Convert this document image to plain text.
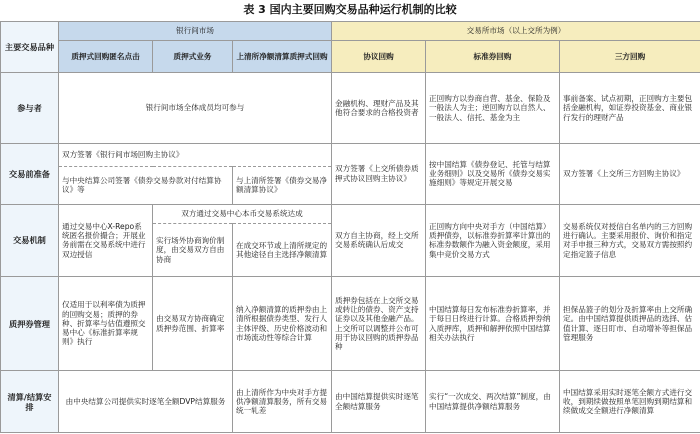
表 3 国内主要回购交易品种运行机制的比较
主要交易品种	银行间市场			交易所市场（以上交所为例）		
	质押式回购匿名点击	质押式业务	上清所净额清算质押式回购	协议回购	标准券回购	三方回购
参与者	银行间市场全体成员均可参与			金融机构、理财产品及其他符合要求的合格投资者	正回购方以券商自营、基金、保险及一般法人为主；逆回购方以自然人、一般法人、信托、基金为主	事前备案、试点初期，正回购方主要包括金融机构，如证券投资基金、商业银行发行的理财产品
交易前准备	双方签署《银行间市场回购主协议》			双方签署《上交所债券质押式协议回购主协议》	按中国结算《债券登记、托管与结算业务细则》以及交易所《债券交易实施细则》等规定开展交易	双方签署《上交所三方回购主协议》
	与中央结算公司签署《债券交易券款对付结算协议》等		与上清所签署《债券交易净额清算协议》			
交易机制	通过交易中心X-Repo系统匿名报价撮合；开展业务前需在交易系统中进行双边授信	双方通过交易中心本币交易系统达成		双方自主协商，经上交所交易系统确认后成交	正回购方向中央对手方（中国结算）质押债券，以标准券折算率计算出的标准券数额作为融入资金额度，采用集中竞价交易方式	交易系统仅对授信白名单内的三方回购进行确认。主要采用报价、询价和指定对手申报三种方式，交易双方需按照约定指定篮子信息
		实行场外协商询价制度，由交易双方自由协商	在成交环节或上清所规定的其他途径自主选择净额清算			
质押券管理	仅适用于以利率债为质押的回购交易；质押的券种、折算率与估值遵照交易中心《标准折算率规则》执行	由交易双方协商确定质押券范围、折算率	纳入净额清算的质押券由上清所根据债券类型、发行人主体评级、历史价格波动和市场流动性等综合计算	质押券包括在上交所交易或转让的债券、资产支持证券以及其他金融产品。上交所可以调整并公布可用于协议回购的质押券品种	中国结算每日发布标准券折算率，并于每日日终进行计算。合格质押券纳入质押库，质押和解押依照中国结算相关办法执行	担保品篮子的划分及折算率由上交所确定。由中国结算提供质押品的选择、估值计算、逐日盯市、自动增补等担保品管理服务
清算/结算安排	由中央结算公司提供实时逐笔全额DVP结算服务		由上清所作为中央对手方提供净额清算服务，所有交易统一轧差	由中国结算提供实时逐笔全额结算服务	实行“一次成交、两次结算”制度，由中国结算提供净额结算服务	中国结算采用实时逐笔全额方式进行交收，到期续做按照单笔回购到期结算和续做成交全额进行净额清算
